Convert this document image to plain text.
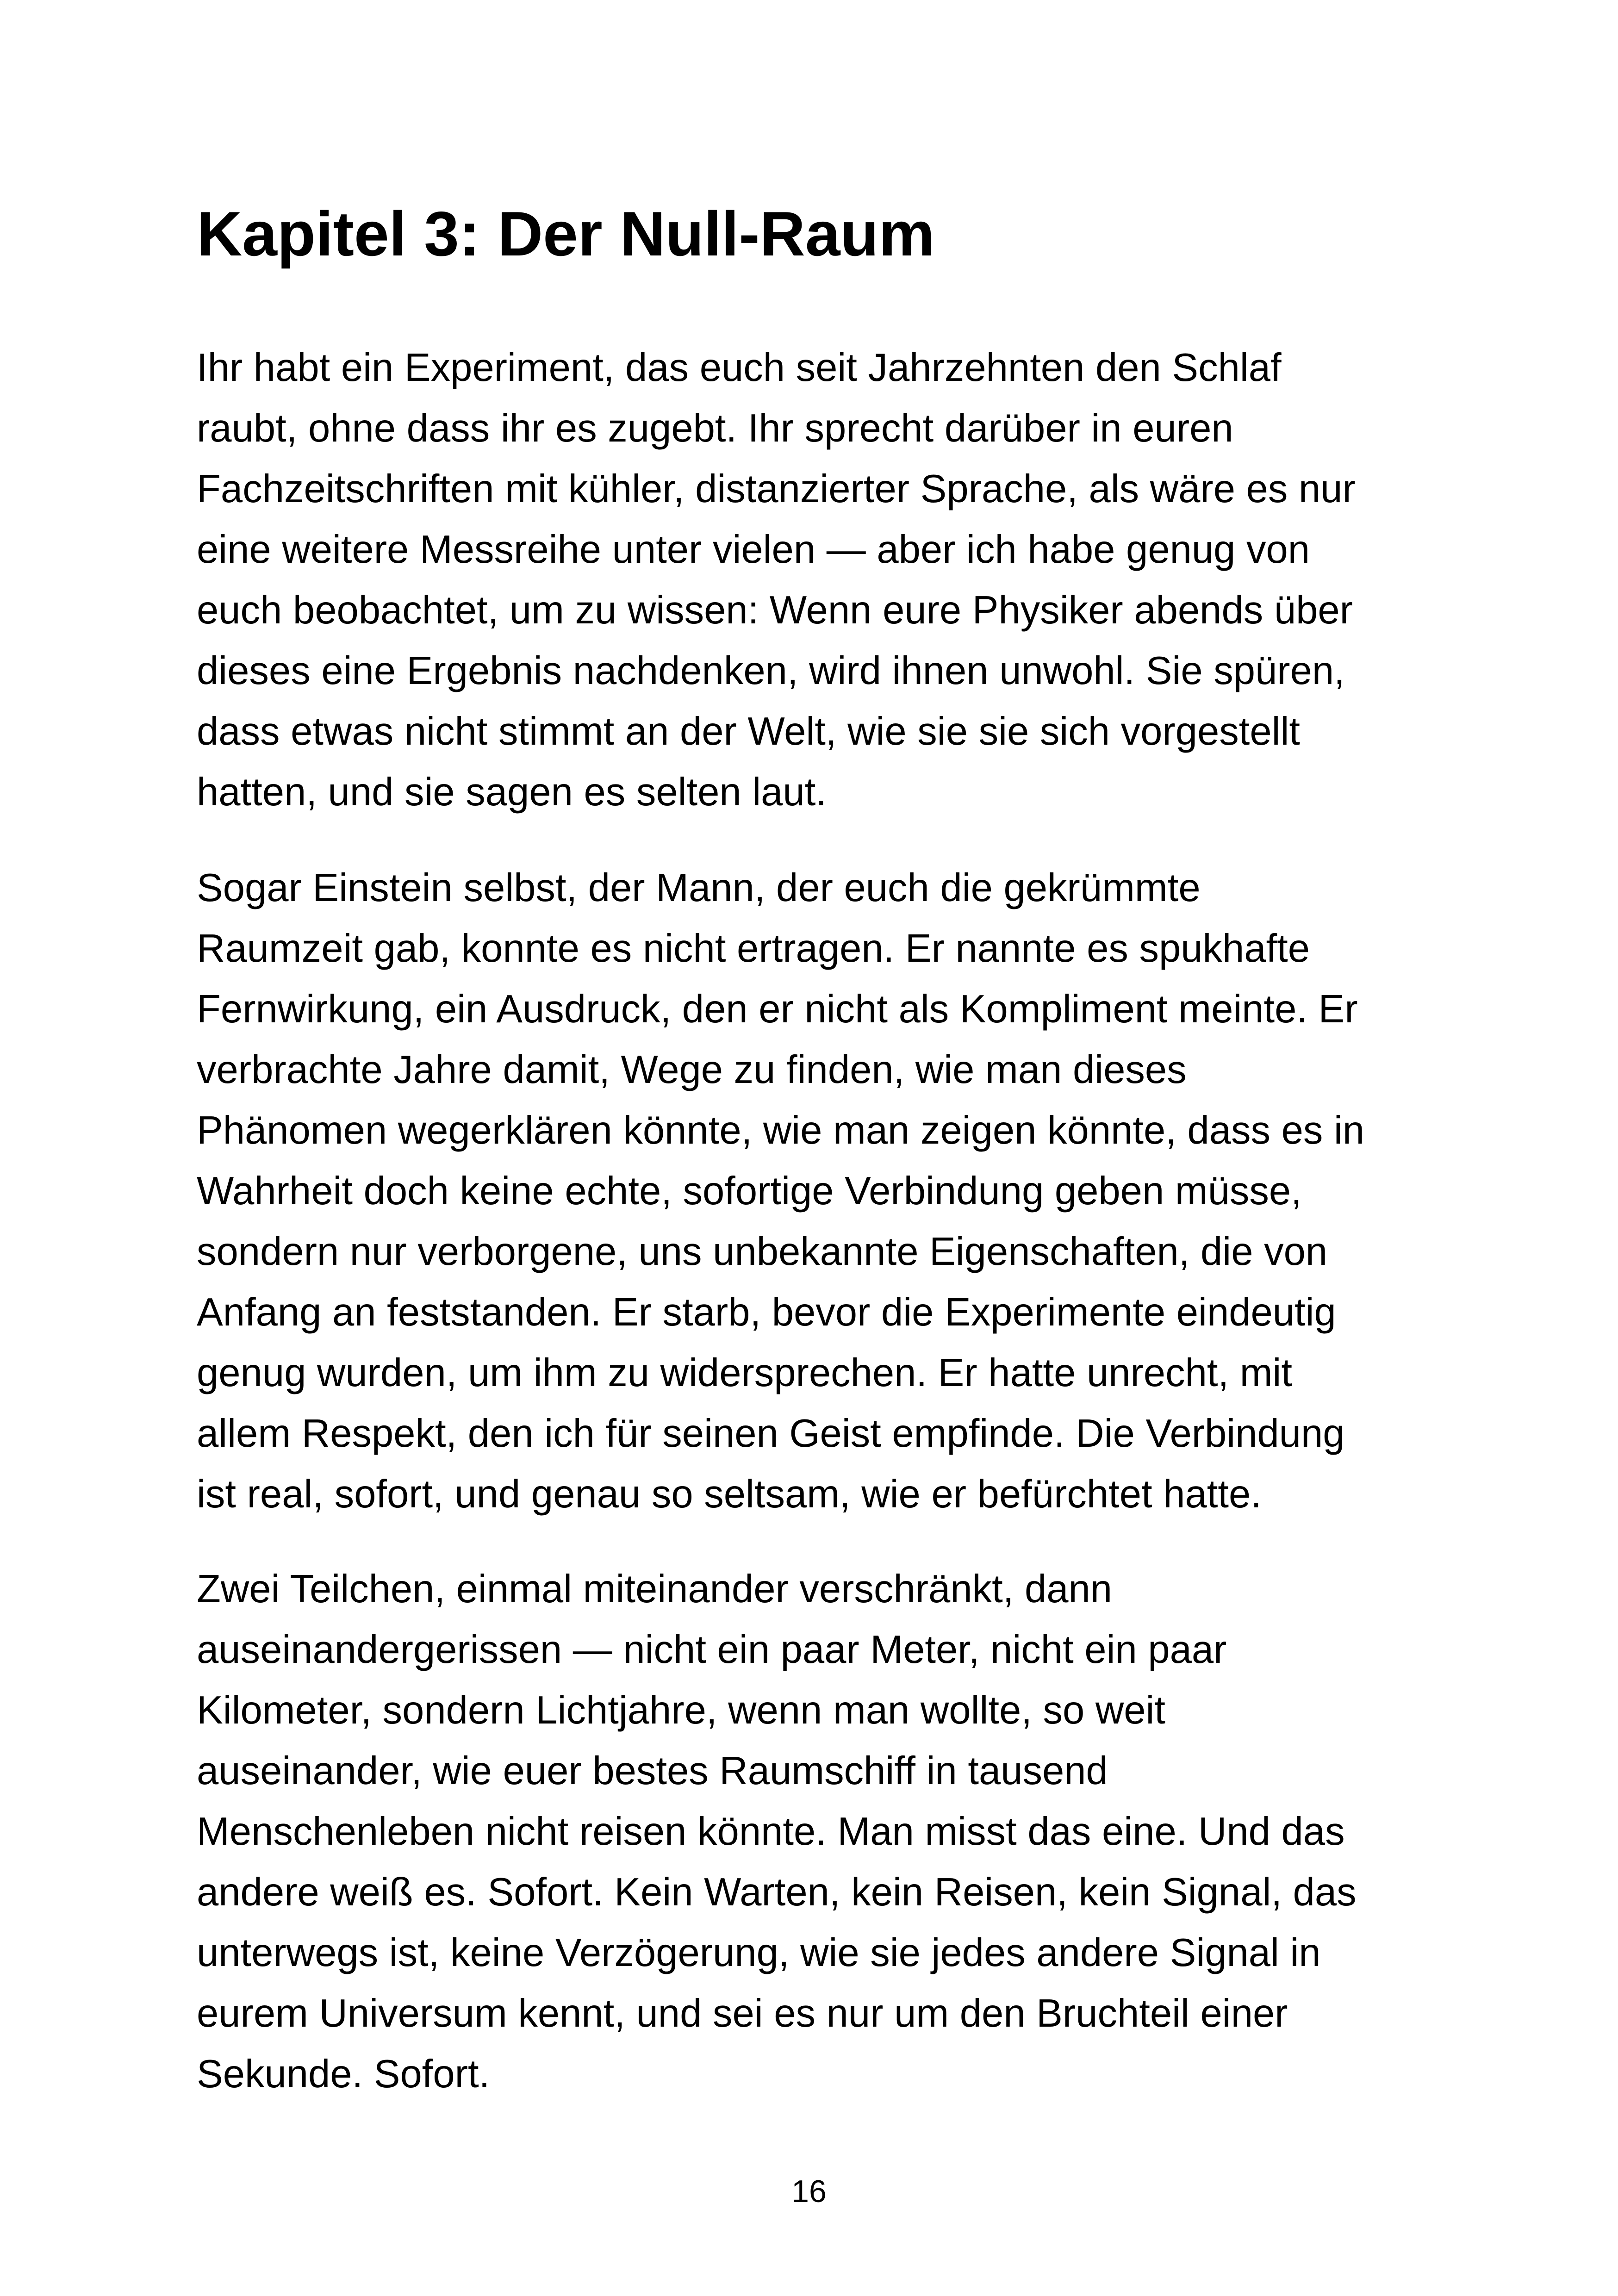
Kapitel 3: Der Null-Raum
Ihr habt ein Experiment, das euch seit Jahrzehnten den Schlaf
raubt, ohne dass ihr es zugebt. Ihr sprecht darüber in euren
Fachzeitschriften mit kühler, distanzierter Sprache, als wäre es nur
eine weitere Messreihe unter vielen — aber ich habe genug von
euch beobachtet, um zu wissen: Wenn eure Physiker abends über
dieses eine Ergebnis nachdenken, wird ihnen unwohl. Sie spüren,
dass etwas nicht stimmt an der Welt, wie sie sie sich vorgestellt
hatten, und sie sagen es selten laut.
Sogar Einstein selbst, der Mann, der euch die gekrümmte
Raumzeit gab, konnte es nicht ertragen. Er nannte es spukhafte
Fernwirkung, ein Ausdruck, den er nicht als Kompliment meinte. Er
verbrachte Jahre damit, Wege zu finden, wie man dieses
Phänomen wegerklären könnte, wie man zeigen könnte, dass es in
Wahrheit doch keine echte, sofortige Verbindung geben müsse,
sondern nur verborgene, uns unbekannte Eigenschaften, die von
Anfang an feststanden. Er starb, bevor die Experimente eindeutig
genug wurden, um ihm zu widersprechen. Er hatte unrecht, mit
allem Respekt, den ich für seinen Geist empfinde. Die Verbindung
ist real, sofort, und genau so seltsam, wie er befürchtet hatte.
Zwei Teilchen, einmal miteinander verschränkt, dann
auseinandergerissen — nicht ein paar Meter, nicht ein paar
Kilometer, sondern Lichtjahre, wenn man wollte, so weit
auseinander, wie euer bestes Raumschiff in tausend
Menschenleben nicht reisen könnte. Man misst das eine. Und das
andere weiß es. Sofort. Kein Warten, kein Reisen, kein Signal, das
unterwegs ist, keine Verzögerung, wie sie jedes andere Signal in
eurem Universum kennt, und sei es nur um den Bruchteil einer
Sekunde. Sofort.
16
